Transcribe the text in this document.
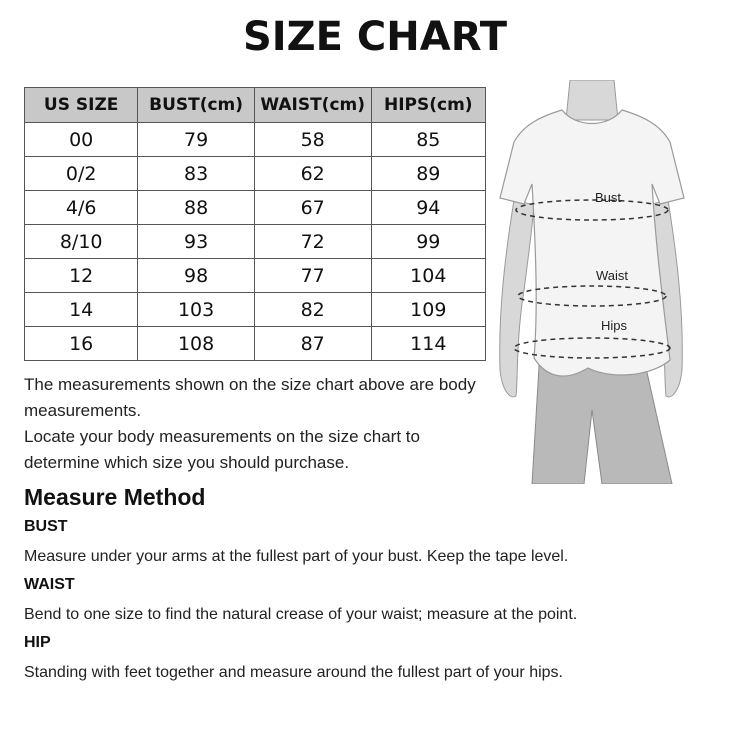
SIZE CHART
US SIZE	BUST(cm)	WAIST(cm)	HIPS(cm)
00	79	58	85
0/2	83	62	89
4/6	88	67	94
8/10	93	72	99
12	98	77	104
14	103	82	109
16	108	87	114
Bust
Waist
Hips

The measurements shown on the size chart above are body measurements.

Locate your body measurements on the size chart to determine which size you should purchase.

Measure Method
BUST
Measure under your arms at the fullest part of your bust. Keep the tape level.
WAIST
Bend to one size to find the natural crease of your waist; measure at the point.
HIP
Standing with feet together and measure around the fullest part of your hips.
